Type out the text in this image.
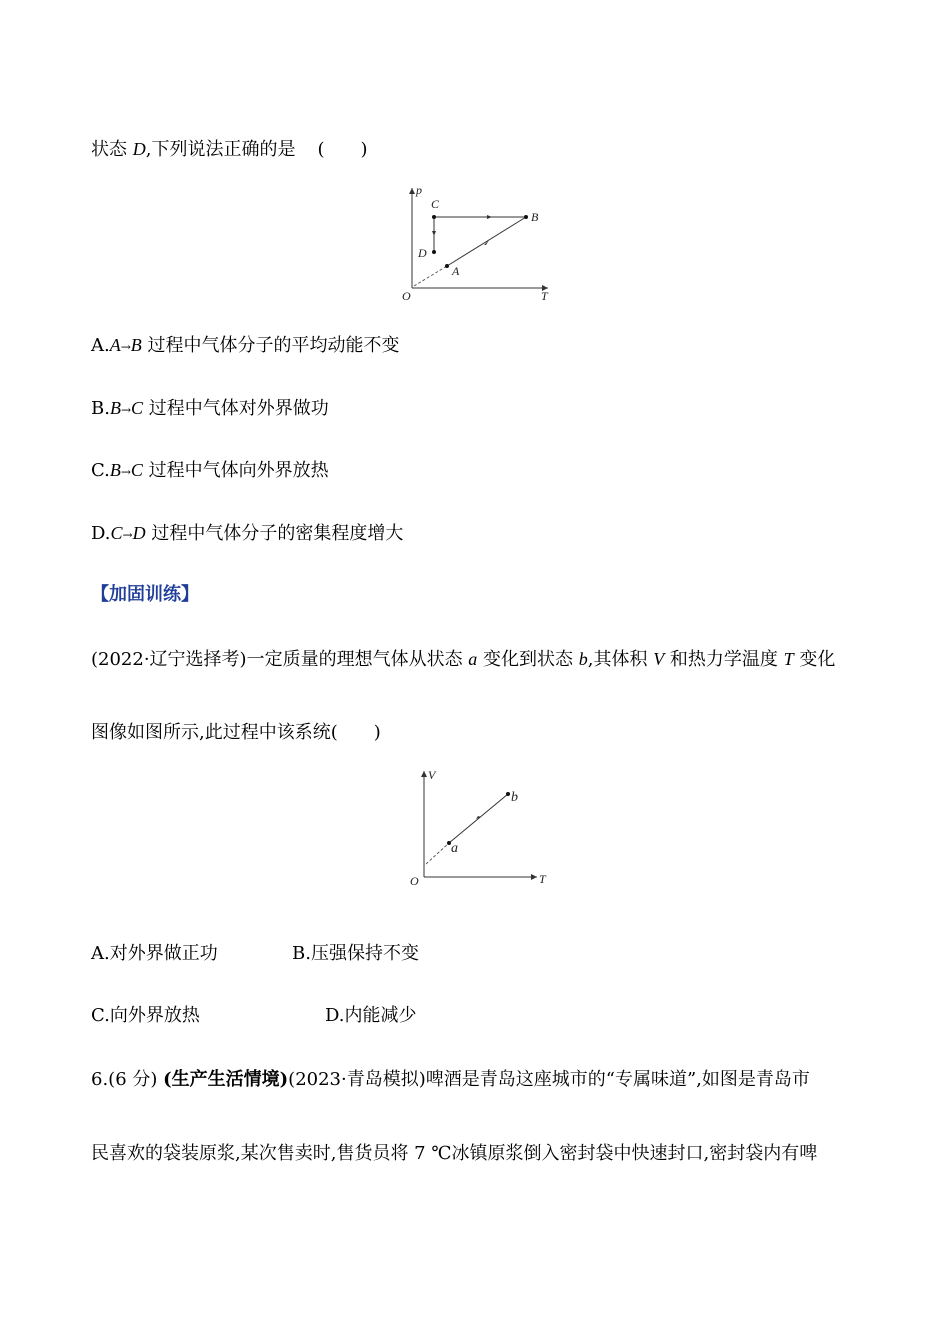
状态 D,下列说法正确的是 (　　)
p
T
O
C
B
D
A
A.A→B 过程中气体分子的平均动能不变
B.B→C 过程中气体对外界做功
C.B→C 过程中气体向外界放热
D.C→D 过程中气体分子的密集程度增大
【加固训练】
(2022·辽宁选择考)一定质量的理想气体从状态 a 变化到状态 b,其体积 V 和热力学温度 T 变化
图像如图所示,此过程中该系统(　　)
V
T
O
a
b
A.对外界做正功	B.压强保持不变
C.向外界放热	D.内能减少
6.(6 分) (生产生活情境)(2023·青岛模拟)啤酒是青岛这座城市的“专属味道”,如图是青岛市
民喜欢的袋装原浆,某次售卖时,售货员将 7 ℃冰镇原浆倒入密封袋中快速封口,密封袋内有啤
